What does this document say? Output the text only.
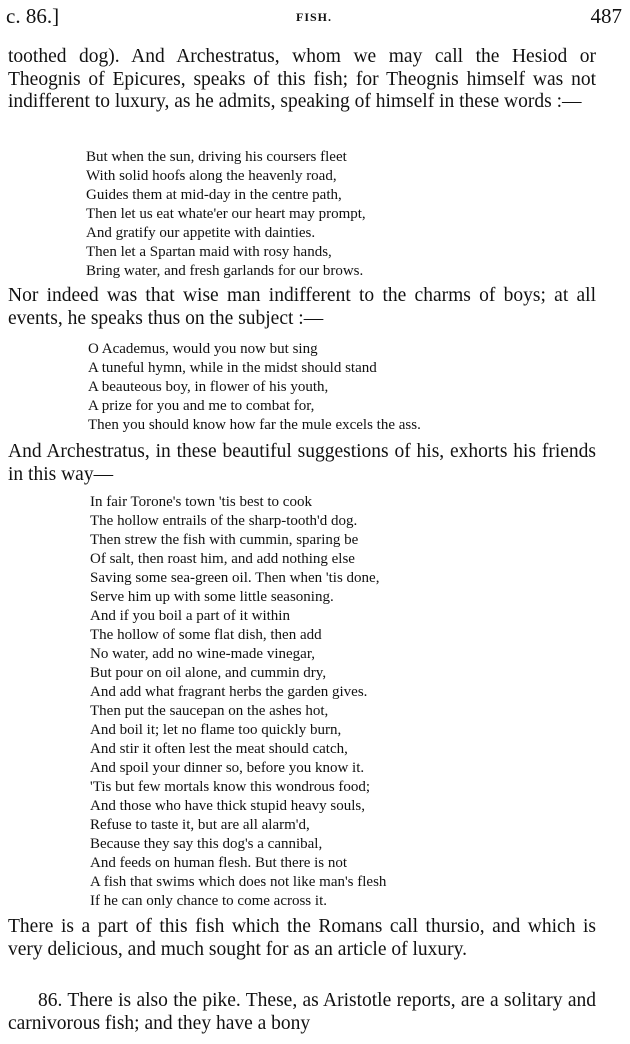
c. 86.]	FISH.	487

toothed dog). And Archestratus, whom we may call the Hesiod or Theognis of Epicures, speaks of this fish; for Theognis himself was not indifferent to luxury, as he admits, speaking of himself in these words :—

But when the sun, driving his coursers fleet
With solid hoofs along the heavenly road,
Guides them at mid-day in the centre path,
Then let us eat whate'er our heart may prompt,
And gratify our appetite with dainties.
Then let a Spartan maid with rosy hands,
Bring water, and fresh garlands for our brows.

Nor indeed was that wise man indifferent to the charms of boys; at all events, he speaks thus on the subject :—

O Academus, would you now but sing
A tuneful hymn, while in the midst should stand
A beauteous boy, in flower of his youth,
A prize for you and me to combat for,
Then you should know how far the mule excels the ass.

And Archestratus, in these beautiful suggestions of his, exhorts his friends in this way—

In fair Torone's town 'tis best to cook
The hollow entrails of the sharp-tooth'd dog.
Then strew the fish with cummin, sparing be
Of salt, then roast him, and add nothing else
Saving some sea-green oil. Then when 'tis done,
Serve him up with some little seasoning.
And if you boil a part of it within
The hollow of some flat dish, then add
No water, add no wine-made vinegar,
But pour on oil alone, and cummin dry,
And add what fragrant herbs the garden gives.
Then put the saucepan on the ashes hot,
And boil it; let no flame too quickly burn,
And stir it often lest the meat should catch,
And spoil your dinner so, before you know it.
'Tis but few mortals know this wondrous food;
And those who have thick stupid heavy souls,
Refuse to taste it, but are all alarm'd,
Because they say this dog's a cannibal,
And feeds on human flesh. But there is not
A fish that swims which does not like man's flesh
If he can only chance to come across it.

There is a part of this fish which the Romans call thursio, and which is very delicious, and much sought for as an article of luxury.

86. There is also the pike. These, as Aristotle reports, are a solitary and carnivorous fish; and they have a bony
